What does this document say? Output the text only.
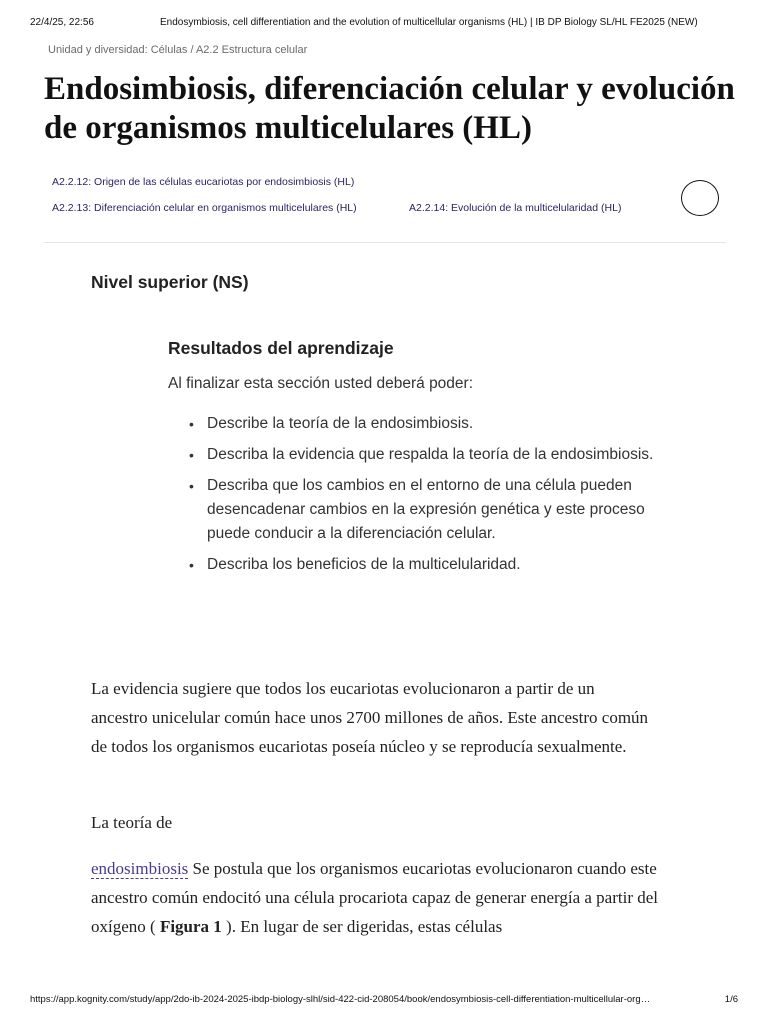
22/4/25, 22:56	Endosymbiosis, cell differentiation and the evolution of multicellular organisms (HL) | IB DP Biology SL/HL FE2025 (NEW)
Unidad y diversidad: Células / A2.2 Estructura celular
Endosimbiosis, diferenciación celular y evolución de organismos multicelulares (HL)
A2.2.12: Origen de las células eucariotas por endosimbiosis (HL)
A2.2.13: Diferenciación celular en organismos multicelulares (HL)	A2.2.14: Evolución de la multicelularidad (HL)
Nivel superior (NS)
Resultados del aprendizaje

Al finalizar esta sección usted deberá poder:

• Describe la teoría de la endosimbiosis.
• Describa la evidencia que respalda la teoría de la endosimbiosis.
• Describa que los cambios en el entorno de una célula pueden desencadenar cambios en la expresión genética y este proceso puede conducir a la diferenciación celular.
• Describa los beneficios de la multicelularidad.

La evidencia sugiere que todos los eucariotas evolucionaron a partir de un ancestro unicelular común hace unos 2700 millones de años. Este ancestro común de todos los organismos eucariotas poseía núcleo y se reproducía sexualmente.

La teoría de

endosimbiosis Se postula que los organismos eucariotas evolucionaron cuando este ancestro común endocitó una célula procariota capaz de generar energía a partir del oxígeno ( Figura 1 ). En lugar de ser digeridas, estas células

https://app.kognity.com/study/app/2do-ib-2024-2025-ibdp-biology-slhl/sid-422-cid-208054/book/endosymbiosis-cell-differentiation-multicellular-org…	1/6
